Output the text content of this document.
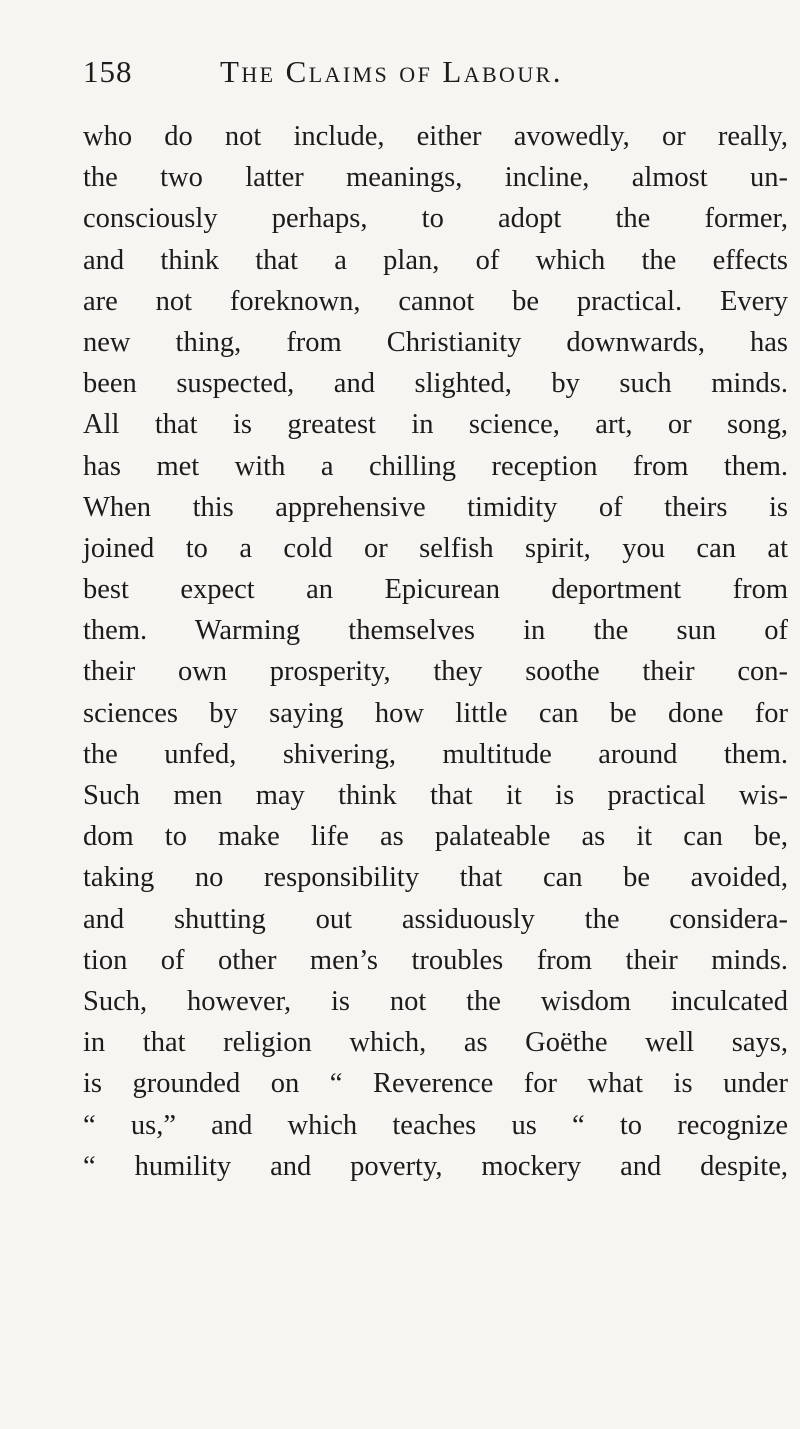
158	The Claims of Labour.
who do not include, either avowedly, or really,
the two latter meanings, incline, almost un-
consciously perhaps, to adopt the former,
and think that a plan, of which the effects
are not foreknown, cannot be practical. Every
new thing, from Christianity downwards, has
been suspected, and slighted, by such minds.
All that is greatest in science, art, or song,
has met with a chilling reception from them.
When this apprehensive timidity of theirs is
joined to a cold or selfish spirit, you can at
best expect an Epicurean deportment from
them. Warming themselves in the sun of
their own prosperity, they soothe their con-
sciences by saying how little can be done for
the unfed, shivering, multitude around them.
Such men may think that it is practical wis-
dom to make life as palateable as it can be,
taking no responsibility that can be avoided,
and shutting out assiduously the considera-
tion of other men’s troubles from their minds.
Such, however, is not the wisdom inculcated
in that religion which, as Goëthe well says,
is grounded on “ Reverence for what is under
“ us,” and which teaches us “ to recognize
“ humility and poverty, mockery and despite,
